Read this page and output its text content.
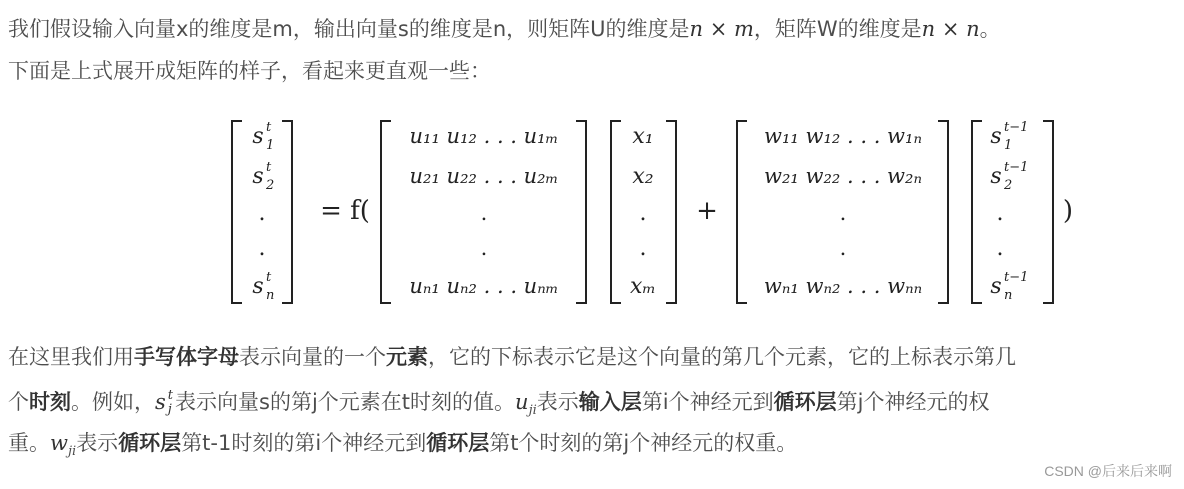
我们假设输入向量x的维度是m，输出向量s的维度是n，则矩阵U的维度是n × m，矩阵W的维度是n × n。
下面是上式展开成矩阵的样子，看起来更直观一些：
s t
1
s t
2
.
.
s t
n
= f(
u₁₁ u₁₂ . . . u₁ₘ
u₂₁ u₂₂ . . . u₂ₘ
.
.
uₙ₁ uₙ₂ . . . uₙₘ
x₁
x₂
.
.
xₘ
+
w₁₁ w₁₂ . . . w₁ₙ
w₂₁ w₂₂ . . . w₂ₙ
.
.
wₙ₁ wₙ₂ . . . wₙₙ
s t−1
1
s t−1
2
.
.
s t−1
n
)
在这里我们用手写体字母表示向量的一个元素，它的下标表示它是这个向量的第几个元素，它的上标表示第几
个时刻。例如，s t
j 表示向量s的第j个元素在t时刻的值。$u_{ji}$表示输入层第i个神经元到循环层第j个神经元的权
重。$w_{ji}$表示循环层第t-1时刻的第i个神经元到循环层第t个时刻的第j个神经元的权重。
CSDN @后来后来啊
